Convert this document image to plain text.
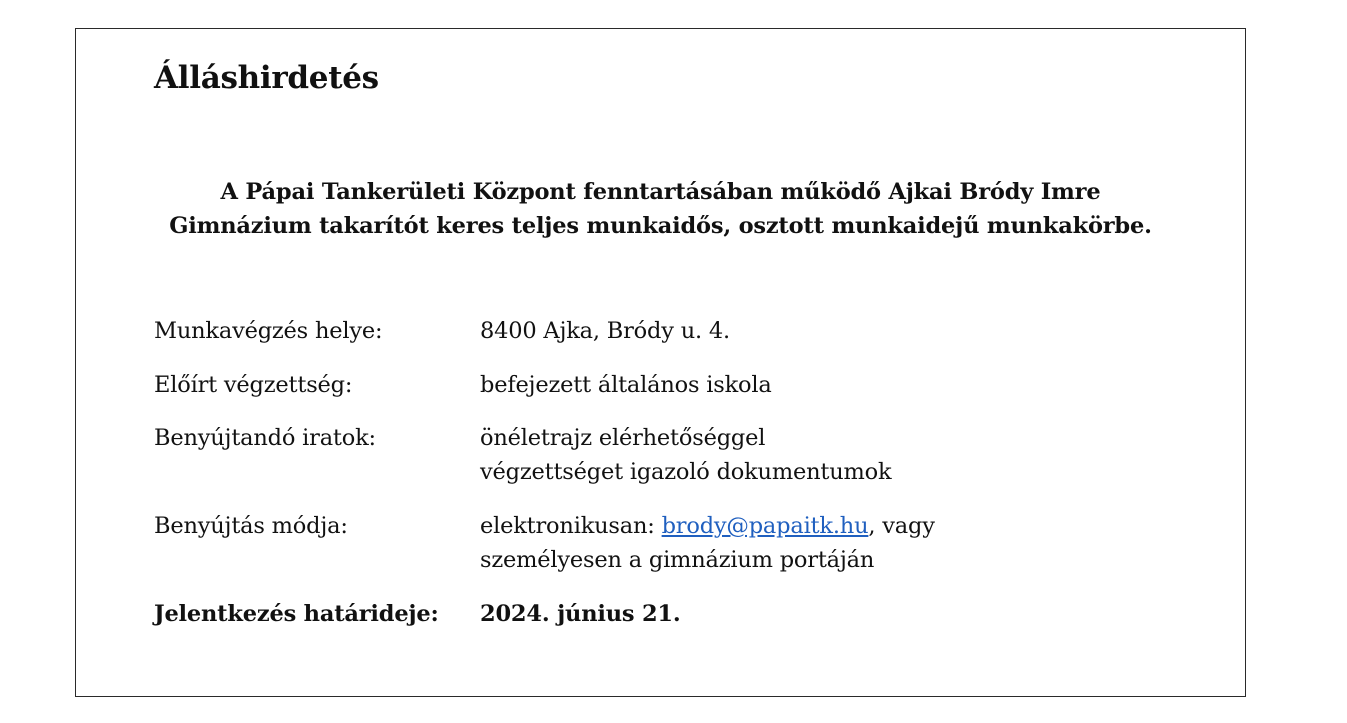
Álláshirdetés

A Pápai Tankerületi Központ fenntartásában működő Ajkai Bródy Imre
Gimnázium takarítót keres teljes munkaidős, osztott munkaidejű munkakörbe.

Munkavégzés helye:	8400 Ajka, Bródy u. 4.
Előírt végzettség:	befejezett általános iskola
Benyújtandó iratok:	önéletrajz elérhetőséggel
végzettséget igazoló dokumentumok
Benyújtás módja:	elektronikusan: brody@papaitk.hu, vagy
személyesen a gimnázium portáján
Jelentkezés határideje:	2024. június 21.
